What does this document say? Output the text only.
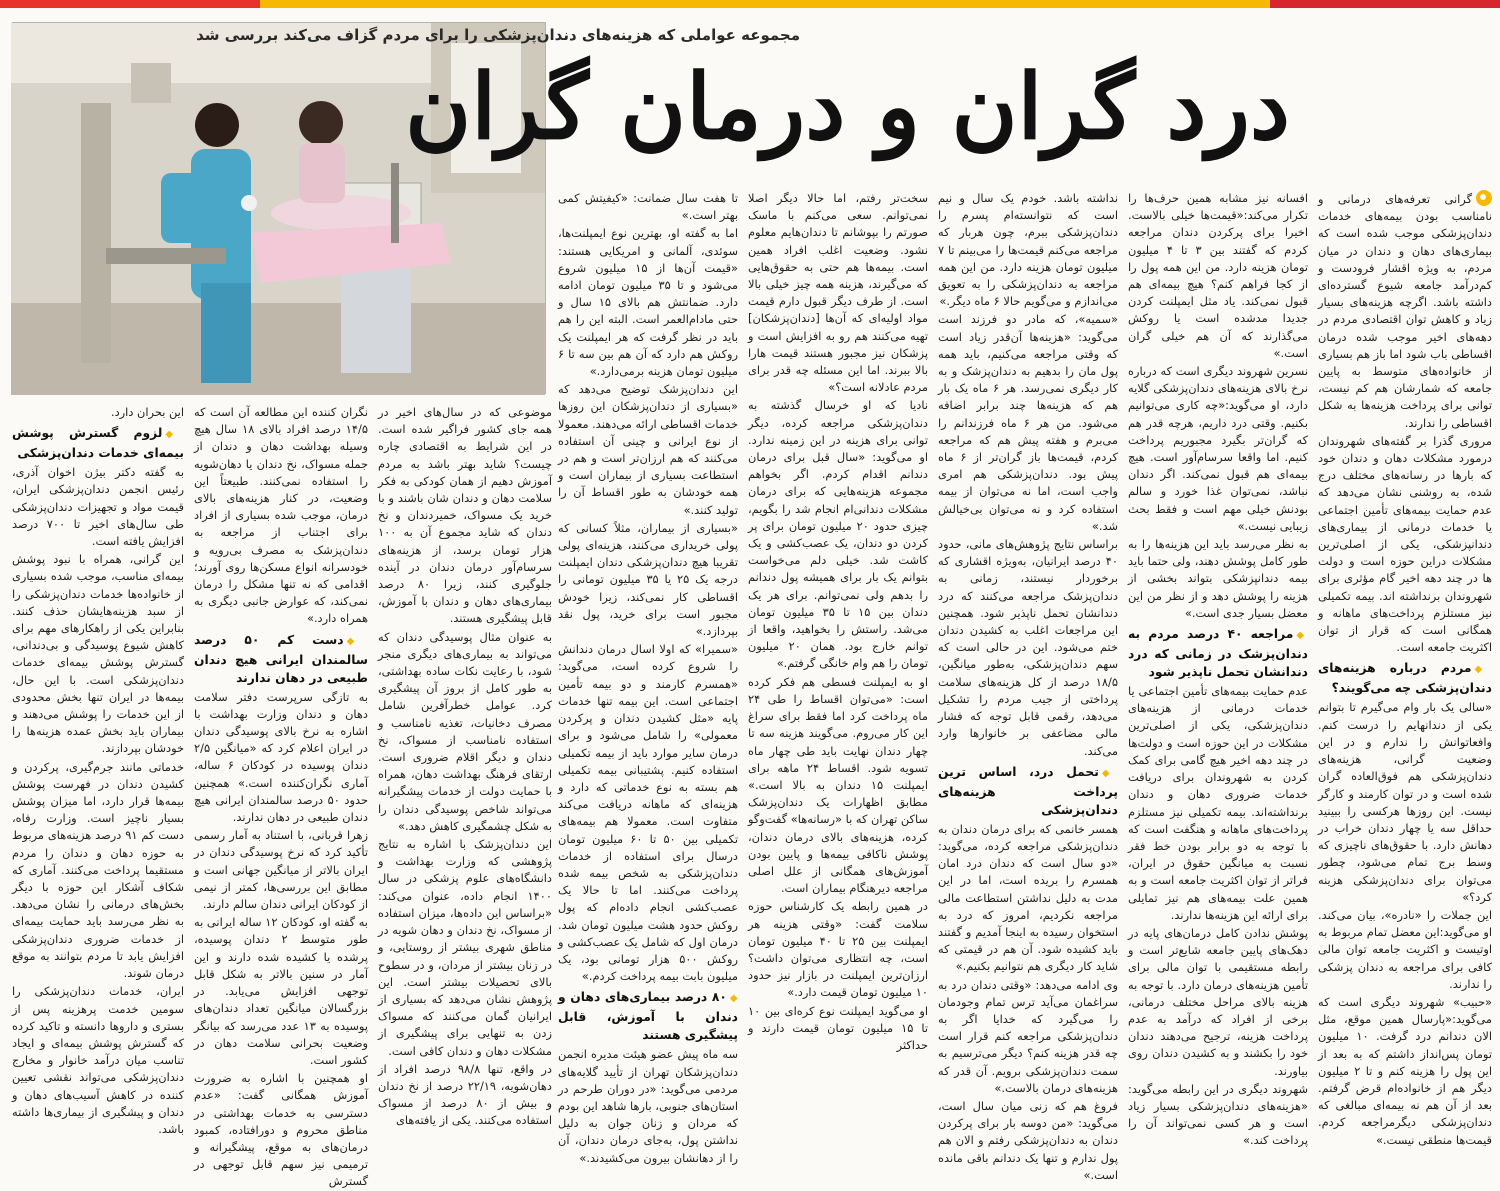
مجموعه عواملی که هزینه‌های دندان‌پزشکی را برای مردم گزاف می‌کند بررسی شد
درد گران و درمان گران

گرانی تعرفه‌های درمانی و نامناسب بودن بیمه‌های خدمات دندان‌پزشکی موجب شده است که بیماری‌های دهان و دندان در میان مردم، به ویژه اقشار فرودست و کم‌درآمد جامعه شیوع گسترده‌ای داشته باشد. اگرچه هزینه‌های بسیار زیاد و کاهش توان اقتصادی مردم در دهه‌های اخیر موجب شده درمان اقساطی باب شود اما باز هم بسیاری از خانواده‌های متوسط به پایین جامعه که شمارشان هم کم نیست، توانی برای پرداخت هزینه‌ها به شکل اقساطی را ندارند.

مروری گذرا بر گفته‌های شهروندان درمورد مشکلات دهان و دندان خود که بارها در رسانه‌های مختلف درج شده، به روشنی نشان می‌دهد که عدم حمایت بیمه‌های تأمین اجتماعی یا خدمات درمانی از بیماری‌های دندانپزشکی، یکی از اصلی‌ترین مشکلات دراین حوزه است و دولت ها در چند دهه اخیر گام مؤثری برای شهروندان برنداشته اند. بیمه تکمیلی نیز مستلزم پرداخت‌های ماهانه و همگانی است که قرار از توان اکثریت جامعه است.

◆ مردم درباره هزینه‌های دندان‌پزشکی چه می‌گویند؟

«سالی یک بار وام می‌گیرم تا بتوانم یکی از دندانهایم را درست کنم. وافعاتوانش را ندارم و در این وضعیت گرانی، هزینه‌های دندان‌پزشکی هم فوق‌العاده گران شده است و در توان کارمند و کارگر نیست. این روزها هرکسی را ببینید حداقل سه یا چهار دندان خراب در دهانش دارد. با حقوق‌های ناچیزی که وسط برج تمام می‌شود، چطور می‌توان برای دندان‌پزشکی هزینه کرد؟»

این جملات را «نادره»، بیان می‌کند. او می‌گوید:این معضل تمام مربوط به اوتیست و اکثریت جامعه توان مالی کافی برای مراجعه به دندان پزشکی را ندارند.

«حبیب» شهروند دیگری است که می‌گوید:«پارسال همین موقع، مثل الان دندانم درد گرفت. ۱۰ میلیون تومان پس‌انداز داشتم که به‌ بعد از این پول را هزینه کنم و تا ۲ میلیون دیگر هم از خانواده‌ام قرض گرفتم. بعد از آن هم نه بیمه‌ای مبالغی که دندان‌پزشکی دیگرمراجعه کردم. قیمت‌ها منطقی نیست.»

افسانه نیز مشابه همین حرف‌ها را تکرار می‌کند:«قیمت‌ها خیلی بالاست. اخیرا برای پرکردن دندان مراجعه کردم که گفتند بین ۳ تا ۴ میلیون تومان هزینه دارد. من این همه پول را از کجا فراهم کنم؟ هیچ بیمه‌ای هم قبول نمی‌کند. یاد مثل ایمپلنت کردن جدیدا مدشده است یا روکش می‌گذارند که آن هم خیلی گران است.»

نسرین شهروند دیگری است که درباره نرخ بالای هزینه‌های دندان‌پزشکی گلایه دارد، او می‌گوید:«چه کاری می‌توانیم بکنیم. وقتی درد داریم، هرچه قدر هم که گران‌تر بگیرد مجبوریم پرداخت کنیم. اما واقعا سرسام‌آور است. هیچ بیمه‌ای هم قبول نمی‌کند. اگر دندان نباشد، نمی‌توان غذا خورد و سالم بودنش خیلی مهم است و فقط بحث زیبایی نیست.»

به نظر می‌رسد باید این هزینه‌ها را به طور کامل پوشش دهند، ولی حتما باید بیمه دندانپزشکی بتواند بخشی از هزینه را پوشش دهد و از نظر من این معضل بسیار جدی است.»

◆ مراجعه ۴۰ درصد مردم به دندان‌پزشک در زمانی که درد دندانشان تحمل ناپذیر شود

عدم حمایت بیمه‌های تأمین اجتماعی یا خدمات درمانی از هزینه‌های دندان‌پزشکی، یکی از اصلی‌ترین مشکلات در این حوزه است و دولت‌ها در چند دهه اخیر هیچ گامی برای کمک کردن به شهروندان برای دریافت خدمات ضروری دهان و دندان برنداشته‌اند. بیمه تکمیلی نیز مستلزم پرداخت‌های ماهانه و هنگفت است که با توجه به دو برابر بودن خط فقر نسبت به میانگین حقوق در ایران، فراتر از توان اکثریت جامعه است و به همین علت بیمه‌های هم نیز تمایلی برای ارائه این هزینه‌ها ندارند.

پوشش ندادن کامل درمان‌های پایه در دهک‌های پایین جامعه شایع‌تر است و رابطه مستقیمی با توان مالی برای تأمین هزینه‌های درمان دارد. با توجه به هزینه بالای مراحل مختلف درمانی، برخی از افراد که درآمد به عدم پرداخت هزینه، ترجیح می‌دهند دندان خود را بکشند و به کشیدن دندان روی بیاورند.

شهروند دیگری در این رابطه می‌گوید: «هزینه‌های دندان‌پزشکی بسیار زیاد است و هر کسی نمی‌تواند آن را پرداخت کند.»

نداشته باشد. خودم یک سال و نیم است که نتوانسته‌ام پسرم را دندان‌پزشکی ببرم، چون هربار که مراجعه می‌کنم قیمت‌ها را می‌بینم تا ۷ میلیون تومان هزینه دارد. من این همه مراجعه به دندان‌پزشکی را به تعویق می‌اندازم و می‌گویم حالا ۶ ماه دیگر.»

«سمیه»، که مادر دو فرزند است می‌گوید: «هزینه‌ها آن‌قدر زیاد است که وقتی مراجعه می‌کنیم، باید همه پول مان را بدهیم به دندان‌پزشک و به کار دیگری نمی‌رسد. هر ۶ ماه یک بار هم که هزینه‌ها چند برابر اضافه می‌شود. من هر ۶ ماه فرزندانم را می‌برم و هفته پیش هم که مراجعه کردم، قیمت‌ها باز گران‌تر از ۶ ماه پیش بود. دندان‌پزشکی هم امری واجب است، اما نه می‌توان از بیمه استفاده کرد و نه می‌توان بی‌خیالش شد.»

براساس نتایج پژوهش‌های مانی، حدود ۴۰ درصد ایرانیان، به‌ویژه اقشاری که برخوردار نیستند، زمانی به دندان‌پزشک مراجعه می‌کنند که درد دندانشان تحمل ناپذیر شود. همچنین این مراجعات اغلب به کشیدن دندان ختم می‌شود. این در حالی است که سهم دندان‌پزشکی، به‌طور میانگین، ۱۸/۵ درصد از کل هزینه‌های سلامت پرداختی از جیب مردم را تشکیل می‌دهد، رقمی قابل توجه که فشار مالی مضاعفی بر خانوارها وارد می‌کند.

◆ تحمل درد، اساس ترین پرداخت هزینه‌های دندان‌پزشکی

همسر خانمی که برای درمان دندان به دندان‌پزشکی مراجعه کرده، می‌گوید: «دو سال است که دندان درد امان همسرم را بریده است، اما در این مدت به دلیل نداشتن استطاعت مالی مراجعه نکردیم، امروز که درد به استخوان رسیده به اینجا آمدیم و گفتند باید کشیده شود. آن هم در قیمتی که شاید کار دیگری هم نتوانیم بکنیم.»

وی ادامه می‌دهد: «وقتی دندان درد به سراغمان می‌آید ترس تمام وجودمان را می‌گیرد که خدایا اگر به دندان‌پزشکی مراجعه کنم قرار است چه قدر هزینه کنم؟ دیگر می‌ترسیم به سمت دندان‌پزشکی برویم. آن قدر که هزینه‌های درمان بالاست.»

فروغ هم که زنی میان سال است، می‌گوید: «من دوسه بار برای پرکردن دندان به دندان‌پزشکی رفتم و الان هم پول ندارم و تنها یک دندانم باقی مانده است.»

سخت‌تر رفتم، اما حالا دیگر اصلا نمی‌توانم. سعی می‌کنم با ماسک صورتم را بپوشانم تا دندان‌هایم معلوم نشود. وضعیت اغلب افراد همین است. بیمه‌ها هم حتی به حقوق‌هایی که می‌گیرند، هزینه همه چیز خیلی بالا است. از طرف دیگر قبول دارم قیمت مواد اولیه‌ای که آن‌ها [دندان‌پزشکان] تهیه می‌کنند هم رو به افزایش است و پزشکان نیز مجبور هستند قیمت هارا بالا ببرند. اما این مسئله چه قدر برای مردم عادلانه است؟»

نادیا که او خرسال گذشته به دندان‌پزشکی مراجعه کرده، دیگر توانی برای هزینه در این زمینه ندارد. او می‌گوید: «سال قبل برای درمان دندانم اقدام کردم. اگر بخواهم مجموعه هزینه‌هایی که برای درمان مشکلات دندانی‌ام انجام شد را بگویم، چیزی حدود ۲۰ میلیون تومان برای پر کردن دو دندان، یک عصب‌کشی و یک کاشت شد. خیلی دلم می‌خواست بتوانم یک بار برای همیشه پول دندانم را بدهم ولی نمی‌توانم. برای هر یک دندان بین ۱۵ تا ۳۵ میلیون تومان می‌شد. راستش را بخواهید، واقعا از توانم خارج بود. همان ۲۰ میلیون تومان را هم وام خانگی گرفتم.»

او به ایمپلنت فسطی هم فکر کرده است: «می‌توان اقساط را طی ۲۴ ماه پرداخت کرد اما فقط برای سراغ این کار می‌روم. می‌گویند هزینه سه تا چهار دندان نهایت باید طی چهار ماه تسویه شود. اقساط ۲۴ ماهه برای ایمپلنت ۱۵ دندان به بالا است.» مطابق اظهارات یک دندان‌پزشک ساکن تهران که با «رسانه‌ها» گفت‌وگو کرده، هزینه‌های بالای درمان دندان، پوشش ناکافی بیمه‌ها و پایین بودن آموزش‌های همگانی از علل اصلی مراجعه دیرهنگام بیماران است.

در همین رابطه یک کارشناس حوزه سلامت گفت: «وقتی هزینه هر ایمپلنت بین ۲۵ تا ۴۰ میلیون تومان است، چه انتظاری می‌توان داشت؟ ارزان‌ترین ایمپلنت در بازار نیز حدود ۱۰ میلیون تومان قیمت دارد.»

او می‌گوید ایمپلنت نوع کره‌ای بین ۱۰ تا ۱۵ میلیون تومان قیمت دارند و حداکثر

تا هفت سال ضمانت: «کیفیتش کمی بهتر است.»

اما به گفته او، بهترین نوع ایمپلنت‌ها، سوئدی، آلمانی و امریکایی هستند: «قیمت آن‌ها از ۱۵ میلیون شروع می‌شود و تا ۳۵ میلیون تومان ادامه دارد. ضمانتش هم بالای ۱۵ سال و حتی مادام‌العمر است. البته این را هم باید در نظر گرفت که هر ایمپلنت یک روکش هم دارد که آن هم بین سه تا ۶ میلیون تومان هزینه برمی‌دارد.»

این دندان‌پزشک توضیح می‌دهد که «بسیاری از دندان‌پزشکان این روزها خدمات اقساطی ارائه می‌دهند. معمولا از نوع ایرانی و چینی آن استفاده می‌کنند که هم ارزان‌تر است و هم در استطاعت بسیاری از بیماران است و همه خودشان به طور اقساط آن را تولید کنند.»

«بسیاری از بیماران، مثلاً کسانی که پولی خریداری می‌کنند، هزینه‌ای پولی تقریبا هیچ دندان‌پزشکی دندان ایمپلنت درجه یک ۲۵ یا ۳۵ میلیون تومانی را اقساطی کار نمی‌کند، زیرا خودش مجبور است برای خرید، پول نقد بپردازد.»

«سمیرا» که اولا اسال درمان دندانش را شروع کرده است، می‌گوید: «همسرم کارمند و دو بیمه تأمین اجتماعی است. این بیمه تنها خدمات پایه «مثل کشیدن دندان و پرکردن معمولی» را شامل می‌شود و برای درمان سایر موارد باید از بیمه تکمیلی استفاده کنیم. پشتیبانی بیمه تکمیلی هم بسته به نوع خدماتی که دارد و هزینه‌ای که ماهانه دریافت می‌کند متفاوت است. معمولا هم بیمه‌های تکمیلی بین ۵۰ تا ۶۰ میلیون تومان درسال برای استفاده از خدمات دندان‌پزشکی به شخص بیمه شده پرداخت می‌کنند. اما تا حالا یک عصب‌کشی انجام داده‌ام که پول روکش حدود هشت میلیون تومان شد. درمان اول که شامل یک عصب‌کشی و روکش ۵۰۰ هزار تومانی بود، یک میلیون بابت بیمه پرداخت کردم.»

◆ ۸۰ درصد بیماری‌های دهان و دندان با آموزش، قابل پیشگیری هستند

سه ماه پیش عضو هیئت مدیره انجمن دندان‌پزشکان تهران از تأیید گلایه‌های مردمی می‌گوید: «در دوران طرحم در استان‌های جنوبی، بارها شاهد این بودم که مردان و زنان جوان به دلیل نداشتن پول، به‌جای درمان دندان، آن را از دهانشان بیرون می‌کشیدند.»

این بحران دارد.

◆ لزوم گسترش پوشش بیمه‌ای خدمات دندان‌پزشکی

به گفته دکتر بیژن اخوان آذری، رئیس انجمن دندان‌پزشکی ایران، قیمت مواد و تجهیزات دندان‌پزشکی طی سال‌های اخیر تا ۷۰۰ درصد افزایش یافته است.

این گرانی، همراه با نبود پوشش بیمه‌ای مناسب، موجب شده بسیاری از خانواده‌ها خدمات دندان‌پزشکی را از سبد هزینه‌هایشان حذف کنند. بنابراین یکی از راهکارهای مهم برای کاهش شیوع پوسیدگی و بی‌دندانی، گسترش پوشش بیمه‌ای خدمات دندان‌پزشکی است. با این حال، بیمه‌ها در ایران تنها بخش محدودی از این خدمات را پوشش می‌دهند و بیماران باید بخش عمده هزینه‌ها را خودشان بپردازند.

خدماتی مانند جرم‌گیری، پرکردن و کشیدن دندان در فهرست پوشش بیمه‌ها قرار دارد، اما میزان پوشش بسیار ناچیز است. وزارت رفاه، دست کم ۹۱ درصد هزینه‌های مربوط به حوزه دهان و دندان را مردم مستقیما پرداخت می‌کنند. آماری که شکاف آشکار این حوزه با دیگر بخش‌های درمانی را نشان می‌دهد. به نظر می‌رسد باید حمایت بیمه‌ای از خدمات ضروری دندان‌پزشکی افزایش یابد تا مردم بتوانند به موقع درمان شوند.

ایران، خدمات دندان‌پزشکی را سومین خدمت پرهزینه پس از بستری و داروها دانسته و تاکید کرده که گسترش پوشش بیمه‌ای و ایجاد تناسب میان درآمد خانوار و مخارج دندان‌پزشکی می‌تواند نقشی تعیین کننده در کاهش آسیب‌های دهان و دندان و پیشگیری از بیماری‌ها داشته باشد.

نگران کننده این مطالعه آن است که ۱۴/۵ درصد افراد بالای ۱۸ سال هیچ وسیله بهداشت دهان و دندان از جمله مسواک، نخ دندان یا دهان‌شویه را استفاده نمی‌کنند. طبیعتاً این وضعیت، در کنار هزینه‌های بالای درمان، موجب شده بسیاری از افراد برای اجتناب از مراجعه به دندان‌پزشک به مصرف بی‌رویه و خودسرانه انواع مسکن‌ها روی آورند؛ اقدامی که نه تنها مشکل را درمان نمی‌کند، که عوارض جانبی دیگری به همراه دارد.»

◆ دست کم ۵۰ درصد سالمندان ایرانی هیچ دندان طبیعی در دهان ندارند

به تازگی سرپرست دفتر سلامت دهان و دندان وزارت بهداشت با اشاره به نرخ بالای پوسیدگی دندان در ایران اعلام کرد که «میانگین ۲/۵ دندان پوسیده در کودکان ۶ ساله، آماری نگران‌کننده است.» همچنین حدود ۵۰ درصد سالمندان ایرانی هیچ دندان طبیعی در دهان ندارند.

زهرا قربانی، با استناد به آمار رسمی تأکید کرد که نرخ پوسیدگی دندان در ایران بالاتر از میانگین جهانی است و مطابق این بررسی‌ها، کمتر از نیمی از کودکان ایرانی دندان سالم دارند.

به گفته او، کودکان ۱۲ ساله ایرانی به طور متوسط ۲ دندان پوسیده، پرشده یا کشیده شده دارند و این آمار در سنین بالاتر به شکل قابل توجهی افزایش می‌یابد. در بزرگسالان میانگین تعداد دندان‌های پوسیده به ۱۳ عدد می‌رسد که بیانگر وضعیت بحرانی سلامت دهان در کشور است.

او همچنین با اشاره به ضرورت آموزش همگانی گفت: «عدم دسترسی به خدمات بهداشتی در مناطق محروم و دورافتاده، کمبود درمان‌های به موقع، پیشگیرانه و ترمیمی نیز سهم قابل توجهی در گسترش

موضوعی که در سال‌های اخیر در همه جای کشور فراگیر شده است. در این شرایط به اقتصادی چاره چیست؟ شاید بهتر باشد به مردم آموزش دهیم از همان کودکی به فکر سلامت دهان و دندان شان باشند و با خرید یک مسواک، خمیردندان و نخ دندان که شاید مجموع آن به ۱۰۰ هزار تومان برسد، از هزینه‌های سرسام‌آور درمان دندان در آینده جلوگیری کنند، زیرا ۸۰ درصد بیماری‌های دهان و دندان با آموزش، قابل پیشگیری هستند.

به عنوان مثال پوسیدگی دندان که می‌تواند به بیماری‌های دیگری منجر شود، با رعایت نکات ساده بهداشتی، به طور کامل از بروز آن پیشگیری کرد. عوامل خطرآفرین شامل مصرف دخانیات، تغذیه نامناسب و استفاده نامناسب از مسواک، نخ دندان و دیگر اقلام ضروری است. ارتقای فرهنگ بهداشت دهان، همراه با حمایت دولت از خدمات پیشگیرانه می‌تواند شاخص پوسیدگی دندان را به شکل چشمگیری کاهش دهد.»

این دندان‌پزشک با اشاره به نتایج پژوهشی که وزارت بهداشت و دانشگاه‌های علوم پزشکی در سال ۱۴۰۰ انجام داده، عنوان می‌کند: «براساس این داده‌ها، میزان استفاده از مسواک، نخ دندان و دهان شویه در مناطق شهری بیشتر از روستایی، و در زنان بیشتر از مردان، و در سطوح بالای تحصیلات بیشتر است. این پژوهش نشان می‌دهد که بسیاری از ایرانیان گمان می‌کنند که مسواک زدن به تنهایی برای پیشگیری از مشکلات دهان و دندان کافی است.

در واقع، تنها ۹۸/۸ درصد افراد از دهان‌شویه، ۲۲/۱۹ درصد از نخ دندان و بیش از ۸۰ درصد از مسواک استفاده می‌کنند. یکی از یافته‌های
